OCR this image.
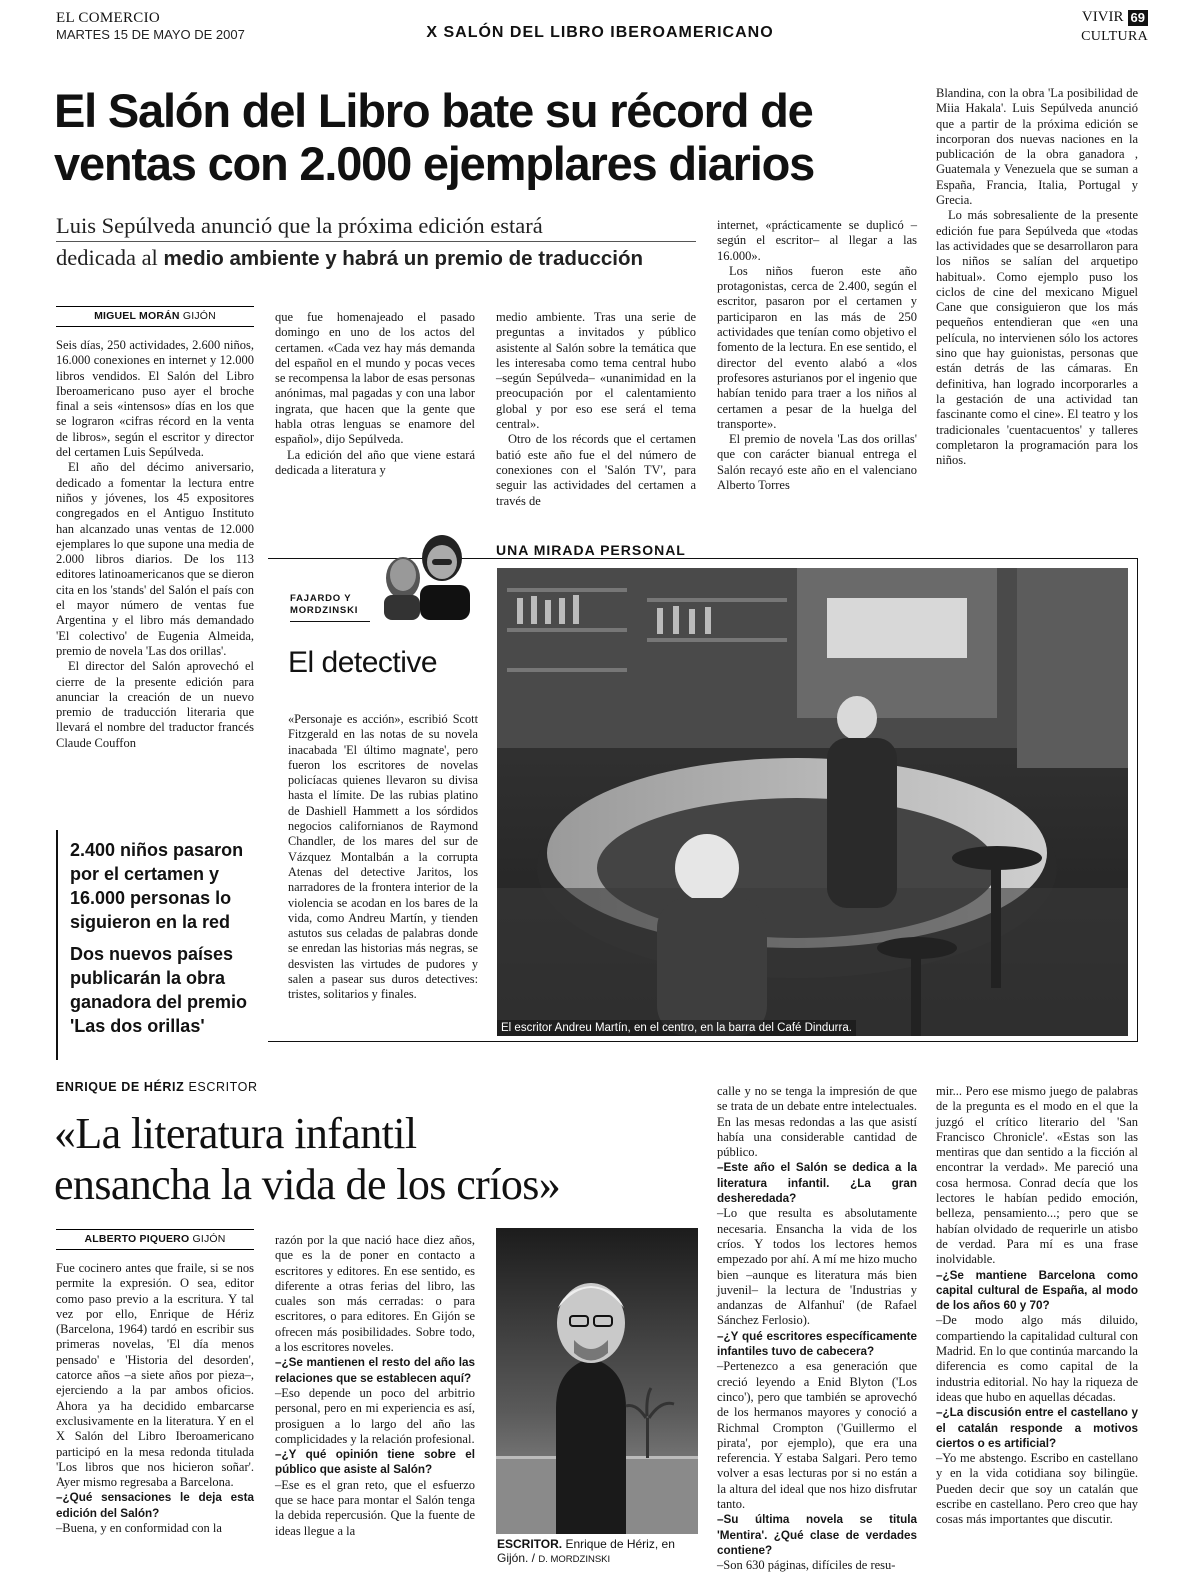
EL COMERCIO
MARTES 15 DE MAYO DE 2007	X SALÓN DEL LIBRO IBEROAMERICANO
VIVIR 69
CULTURA
El Salón del Libro bate su récord de
ventas con 2.000 ejemplares diarios
Luis Sepúlveda anunció que la próxima edición estará
dedicada al medio ambiente y habrá un premio de traducción
MIGUEL MORÁN GIJÓN

Seis días, 250 actividades, 2.600 niños, 16.000 conexiones en internet y 12.000 libros vendidos. El Salón del Libro Iberoamericano puso ayer el broche final a seis «intensos» días en los que se lograron «cifras récord en la venta de libros», según el escritor y director del certamen Luis Sepúlveda.

El año del décimo aniversario, dedicado a fomentar la lectura entre niños y jóvenes, los 45 expositores congregados en el Antiguo Instituto han alcanzado unas ventas de 12.000 ejemplares lo que supone una media de 2.000 libros diarios. De los 113 editores latinoamericanos que se dieron cita en los 'stands' del Salón el país con el mayor número de ventas fue Argentina y el libro más demandado 'El colectivo' de Eugenia Almeida, premio de novela 'Las dos orillas'.

El director del Salón aprovechó el cierre de la presente edición para anunciar la creación de un nuevo premio de traducción literaria que llevará el nombre del traductor francés Claude Couffon

que fue homenajeado el pasado domingo en uno de los actos del certamen. «Cada vez hay más demanda del español en el mundo y pocas veces se recompensa la labor de esas personas anónimas, mal pagadas y con una labor ingrata, que hacen que la gente que habla otras lenguas se enamore del español», dijo Sepúlveda.

La edición del año que viene estará dedicada a literatura y

medio ambiente. Tras una serie de preguntas a invitados y público asistente al Salón sobre la temática que les interesaba como tema central hubo –según Sepúlveda– «unanimidad en la preocupación por el calentamiento global y por eso ese será el tema central».

Otro de los récords que el certamen batió este año fue el del número de conexiones con el 'Salón TV', para seguir las actividades del certamen a través de

internet, «prácticamente se duplicó –según el escritor– al llegar a las 16.000».

Los niños fueron este año protagonistas, cerca de 2.400, según el escritor, pasaron por el certamen y participaron en las más de 250 actividades que tenían como objetivo el fomento de la lectura. En ese sentido, el director del evento alabó a «los profesores asturianos por el ingenio que habían tenido para traer a los niños al certamen a pesar de la huelga del transporte».

El premio de novela 'Las dos orillas' que con carácter bianual entrega el Salón recayó este año en el valenciano Alberto Torres

Blandina, con la obra 'La posibilidad de Miia Hakala'. Luis Sepúlveda anunció que a partir de la próxima edición se incorporan dos nuevas naciones en la publicación de la obra ganadora , Guatemala y Venezuela que se suman a España, Francia, Italia, Portugal y Grecia.

Lo más sobresaliente de la presente edición fue para Sepúlveda que «todas las actividades que se desarrollaron para los niños se salían del arquetipo habitual». Como ejemplo puso los ciclos de cine del mexicano Miguel Cane que consiguieron que los más pequeños entendieran que «en una película, no intervienen sólo los actores sino que hay guionistas, personas que están detrás de las cámaras. En definitiva, han logrado incorporarles a la gestación de una actividad tan fascinante como el cine». El teatro y los tradicionales 'cuentacuentos' y talleres completaron la programación para los niños.

2.400 niños pasaron por el certamen y 16.000 personas lo siguieron en la red
Dos nuevos países publicarán la obra ganadora del premio 'Las dos orillas'
UNA MIRADA PERSONAL
FAJARDO Y
MORDZINSKI
El detective

«Personaje es acción», escribió Scott Fitzgerald en las notas de su novela inacabada 'El último magnate', pero fueron los escritores de novelas policíacas quienes llevaron su divisa hasta el límite. De las rubias platino de Dashiell Hammett a los sórdidos negocios californianos de Raymond Chandler, de los mares del sur de Vázquez Montalbán a la corrupta Atenas del detective Jaritos, los narradores de la frontera interior de la violencia se acodan en los bares de la vida, como Andreu Martín, y tienden astutos sus celadas de palabras donde se enredan las historias más negras, se desvisten las virtudes de pudores y salen a pasear sus duros detectives: tristes, solitarios y finales.

El escritor Andreu Martín, en el centro, en la barra del Café Dindurra.
ENRIQUE DE HÉRIZ ESCRITOR
«La literatura infantil
ensancha la vida de los críos»
ALBERTO PIQUERO GIJÓN

Fue cocinero antes que fraile, si se nos permite la expresión. O sea, editor como paso previo a la escritura. Y tal vez por ello, Enrique de Hériz (Barcelona, 1964) tardó en escribir sus primeras novelas, 'El día menos pensado' e 'Historia del desorden', catorce años –a siete años por pieza–, ejerciendo a la par ambos oficios. Ahora ya ha decidido embarcarse exclusivamente en la literatura. Y en el X Salón del Libro Iberoamericano participó en la mesa redonda titulada 'Los libros que nos hicieron soñar'. Ayer mismo regresaba a Barcelona.

–¿Qué sensaciones le deja esta edición del Salón?

–Buena, y en conformidad con la

razón por la que nació hace diez años, que es la de poner en contacto a escritores y editores. En ese sentido, es diferente a otras ferias del libro, las cuales son más cerradas: o para escritores, o para editores. En Gijón se ofrecen más posibilidades. Sobre todo, a los escritores noveles.

–¿Se mantienen el resto del año las relaciones que se establecen aquí?

–Eso depende un poco del arbitrio personal, pero en mi experiencia es así, prosiguen a lo largo del año las complicidades y la relación profesional.

–¿Y qué opinión tiene sobre el público que asiste al Salón?

–Ese es el gran reto, que el esfuerzo que se hace para montar el Salón tenga la debida repercusión. Que la fuente de ideas llegue a la

ESCRITOR. Enrique de Hériz, en Gijón. / D. MORDZINSKI

calle y no se tenga la impresión de que se trata de un debate entre intelectuales. En las mesas redondas a las que asistí había una considerable cantidad de público.

–Este año el Salón se dedica a la literatura infantil. ¿La gran desheredada?

–Lo que resulta es absolutamente necesaria. Ensancha la vida de los críos. Y todos los lectores hemos empezado por ahí. A mí me hizo mucho bien –aunque es literatura más bien juvenil– la lectura de 'Industrias y andanzas de Alfanhuí' (de Rafael Sánchez Ferlosio).

–¿Y qué escritores específicamente infantiles tuvo de cabecera?

–Pertenezco a esa generación que creció leyendo a Enid Blyton ('Los cinco'), pero que también se aprovechó de los hermanos mayores y conoció a Richmal Crompton ('Guillermo el pirata', por ejemplo), que era una referencia. Y estaba Salgari. Pero temo volver a esas lecturas por si no están a la altura del ideal que nos hizo disfrutar tanto.

–Su última novela se titula 'Mentira'. ¿Qué clase de verdades contiene?

–Son 630 páginas, difíciles de resu-

mir... Pero ese mismo juego de palabras de la pregunta es el modo en el que la juzgó el crítico literario del 'San Francisco Chronicle'. «Estas son las mentiras que dan sentido a la ficción al encontrar la verdad». Me pareció una cosa hermosa. Conrad decía que los lectores le habían pedido emoción, belleza, pensamiento...; pero que se habían olvidado de requerirle un atisbo de verdad. Para mí es una frase inolvidable.

–¿Se mantiene Barcelona como capital cultural de España, al modo de los años 60 y 70?

–De modo algo más diluido, compartiendo la capitalidad cultural con Madrid. En lo que continúa marcando la diferencia es como capital de la industria editorial. No hay la riqueza de ideas que hubo en aquellas décadas.

–¿La discusión entre el castellano y el catalán responde a motivos ciertos o es artificial?

–Yo me abstengo. Escribo en castellano y en la vida cotidiana soy bilingüe. Pueden decir que soy un catalán que escribe en castellano. Pero creo que hay cosas más importantes que discutir.
